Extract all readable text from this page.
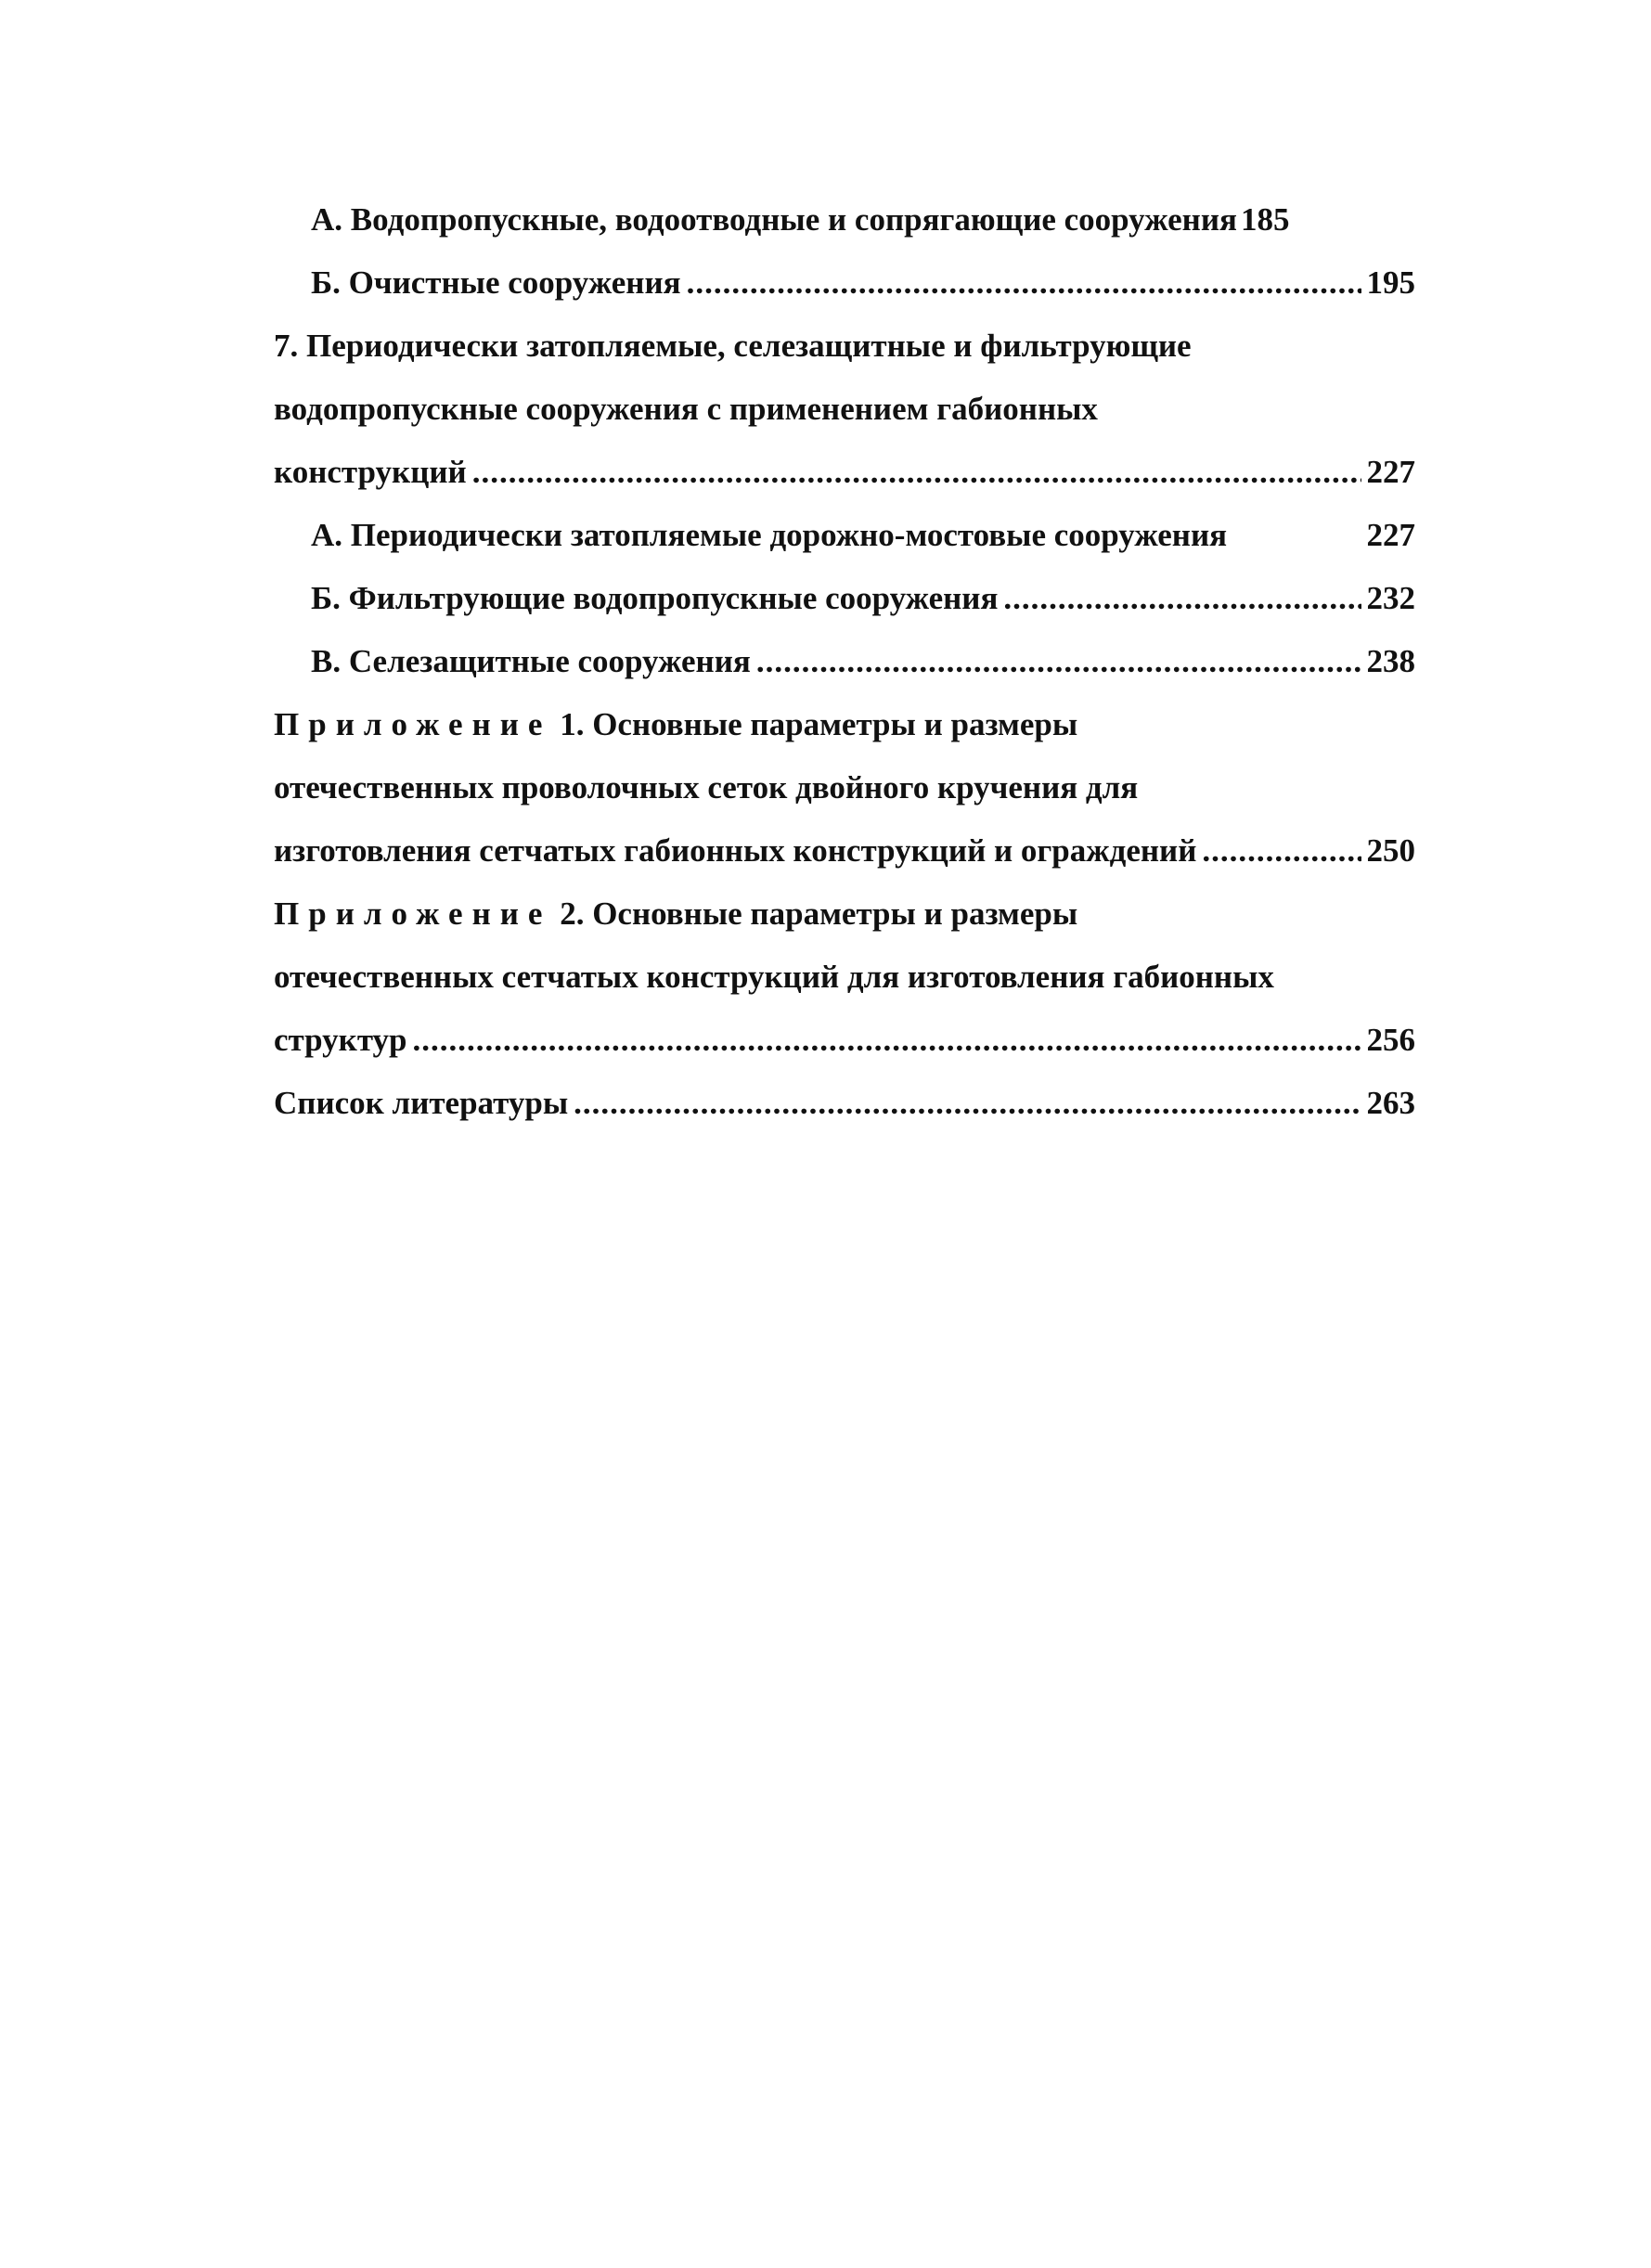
А. Водопропускные, водоотводные и сопрягающие сооружения 185
Б. Очистные сооружения .....	195
7. Периодически затопляемые, селезащитные и фильтрующие
водопропускные сооружения с применением габионных
конструкций .....	227
А. Периодически затопляемые дорожно-мостовые сооружения	227
Б. Фильтрующие водопропускные сооружения .....	232
В. Селезащитные сооружения .....	238
Приложение 1. Основные параметры и размеры
отечественных проволочных сеток двойного кручения для
изготовления сетчатых габионных конструкций и ограждений .....	250
Приложение 2. Основные параметры и размеры
отечественных сетчатых конструкций для изготовления габионных
структур .....	256
Список литературы .....	263
